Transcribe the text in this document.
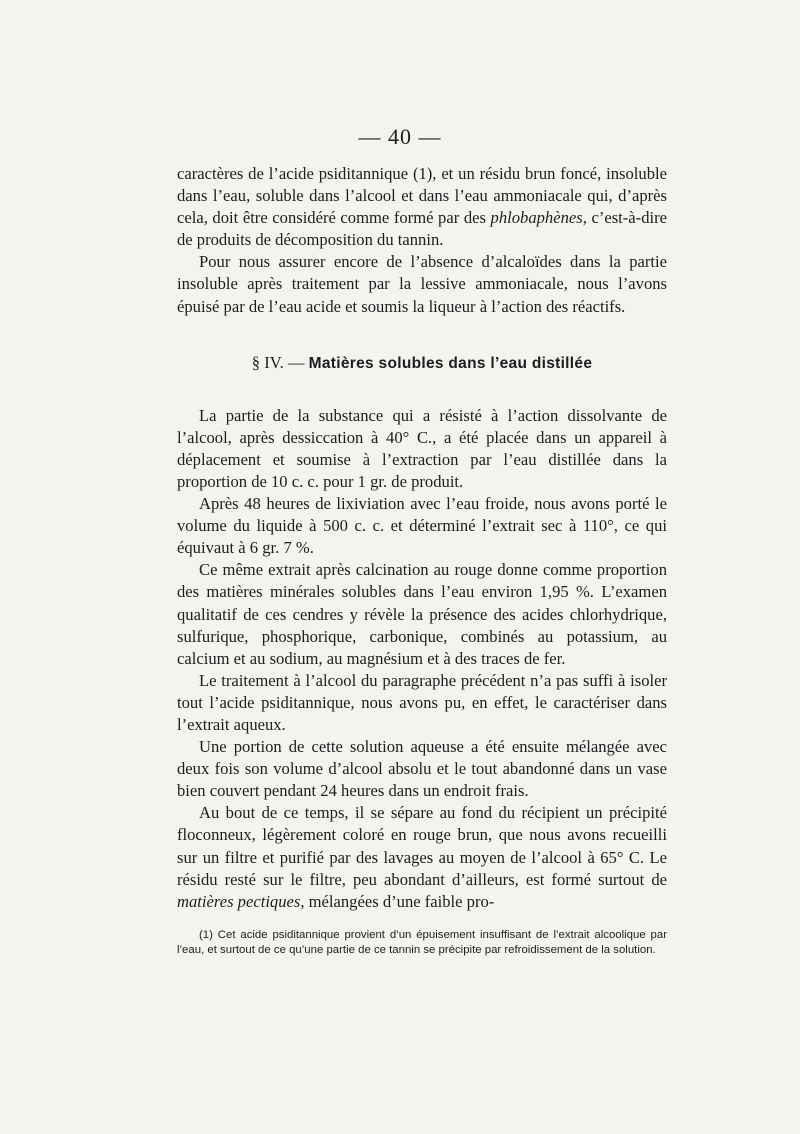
— 40 —

caractères de l’acide psiditannique (1), et un résidu brun foncé, insoluble dans l’eau, soluble dans l’alcool et dans l’eau ammoniacale qui, d’après cela, doit être considéré comme formé par des phlobaphènes, c’est-à-dire de produits de décomposition du tannin.

Pour nous assurer encore de l’absence d’alcaloïdes dans la partie insoluble après traitement par la lessive ammoniacale, nous l’avons épuisé par de l’eau acide et soumis la liqueur à l’action des réactifs.

§ IV. — Matières solubles dans l’eau distillée

La partie de la substance qui a résisté à l’action dissolvante de l’alcool, après dessiccation à 40° C., a été placée dans un appareil à déplacement et soumise à l’extraction par l’eau distillée dans la proportion de 10 c. c. pour 1 gr. de produit.

Après 48 heures de lixiviation avec l’eau froide, nous avons porté le volume du liquide à 500 c. c. et déterminé l’extrait sec à 110°, ce qui équivaut à 6 gr. 7 %.

Ce même extrait après calcination au rouge donne comme proportion des matières minérales solubles dans l’eau environ 1,95 %. L’examen qualitatif de ces cendres y révèle la présence des acides chlorhydrique, sulfurique, phosphorique, carbonique, combinés au potassium, au calcium et au sodium, au magnésium et à des traces de fer.

Le traitement à l’alcool du paragraphe précédent n’a pas suffi à isoler tout l’acide psiditannique, nous avons pu, en effet, le caractériser dans l’extrait aqueux.

Une portion de cette solution aqueuse a été ensuite mélangée avec deux fois son volume d’alcool absolu et le tout abandonné dans un vase bien couvert pendant 24 heures dans un endroit frais.

Au bout de ce temps, il se sépare au fond du récipient un précipité floconneux, légèrement coloré en rouge brun, que nous avons recueilli sur un filtre et purifié par des lavages au moyen de l’alcool à 65° C. Le résidu resté sur le filtre, peu abondant d’ailleurs, est formé surtout de matières pectiques, mélangées d’une faible pro-

(1) Cet acide psiditannique provient d’un épuisement insuffisant de l’extrait alcoolique par l’eau, et surtout de ce qu’une partie de ce tannin se précipite par refroidissement de la solution.
